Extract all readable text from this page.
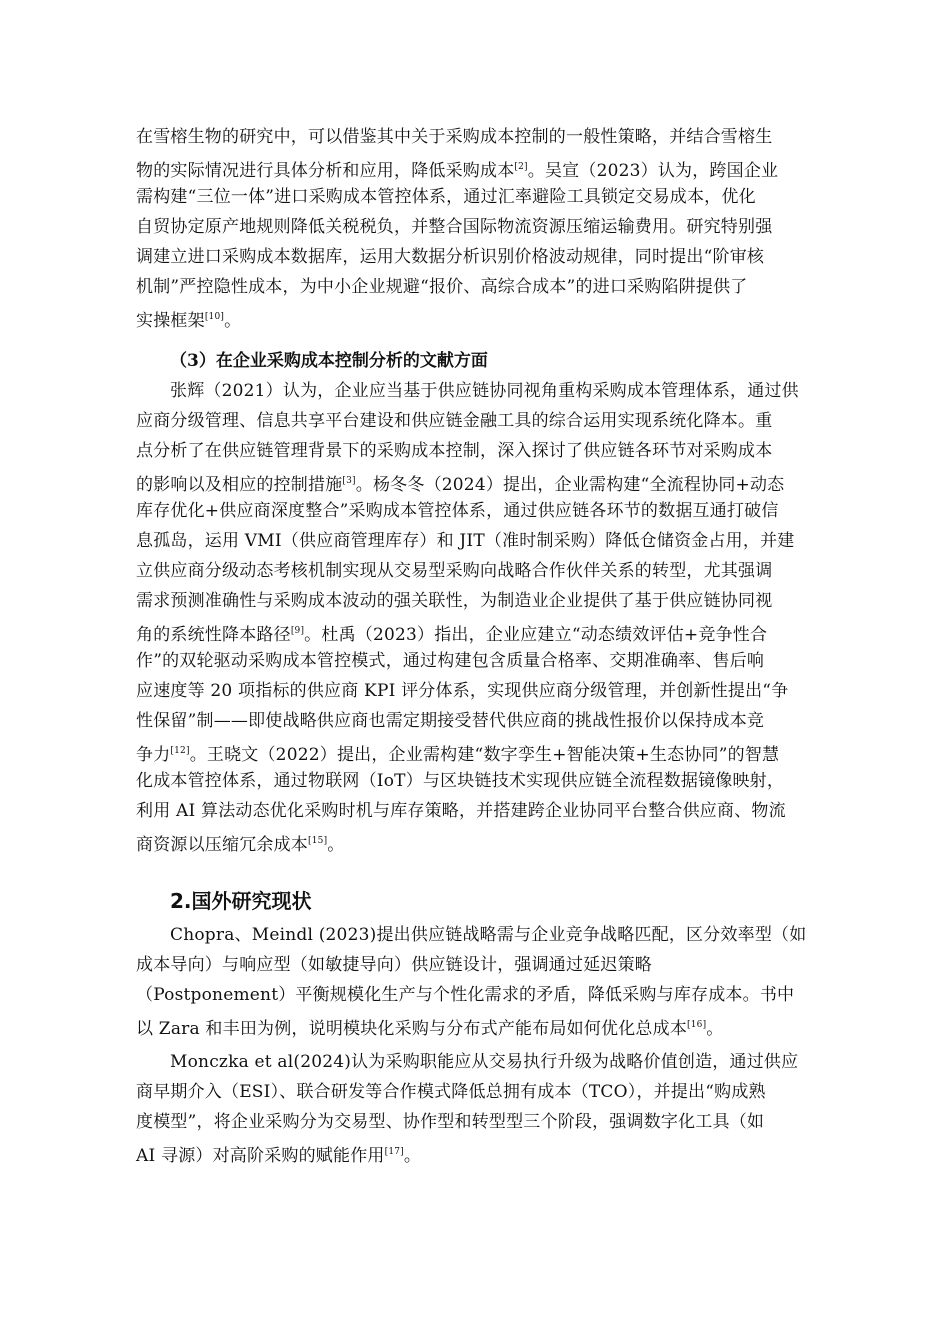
在雪榕生物的研究中，可以借鉴其中关于采购成本控制的一般性策略，并结合雪榕生
物的实际情况进行具体分析和应用，降低采购成本[2]。吴宣（2023）认为，跨国企业
需构建“三位一体”进口采购成本管控体系，通过汇率避险工具锁定交易成本，优化
自贸协定原产地规则降低关税税负，并整合国际物流资源压缩运输费用。研究特别强
调建立进口采购成本数据库，运用大数据分析识别价格波动规律，同时提出“阶审核
机制”严控隐性成本，为中小企业规避“报价、高综合成本”的进口采购陷阱提供了
实操框架[10]。
（3）在企业采购成本控制分析的文献方面
张辉（2021）认为，企业应当基于供应链协同视角重构采购成本管理体系，通过供
应商分级管理、信息共享平台建设和供应链金融工具的综合运用实现系统化降本。重
点分析了在供应链管理背景下的采购成本控制，深入探讨了供应链各环节对采购成本
的影响以及相应的控制措施[3]。杨冬冬（2024）提出，企业需构建“全流程协同+动态
库存优化+供应商深度整合”采购成本管控体系，通过供应链各环节的数据互通打破信
息孤岛，运用 VMI（供应商管理库存）和 JIT（准时制采购）降低仓储资金占用，并建
立供应商分级动态考核机制实现从交易型采购向战略合作伙伴关系的转型，尤其强调
需求预测准确性与采购成本波动的强关联性，为制造业企业提供了基于供应链协同视
角的系统性降本路径[9]。杜禹（2023）指出，企业应建立“动态绩效评估+竞争性合
作”的双轮驱动采购成本管控模式，通过构建包含质量合格率、交期准确率、售后响
应速度等 20 项指标的供应商 KPI 评分体系，实现供应商分级管理，并创新性提出“争
性保留”制——即使战略供应商也需定期接受替代供应商的挑战性报价以保持成本竞
争力[12]。王晓文（2022）提出，企业需构建“数字孪生+智能决策+生态协同”的智慧
化成本管控体系，通过物联网（IoT）与区块链技术实现供应链全流程数据镜像映射，
利用 AI 算法动态优化采购时机与库存策略，并搭建跨企业协同平台整合供应商、物流
商资源以压缩冗余成本[15]。
2.国外研究现状
Chopra、Meindl (2023)提出供应链战略需与企业竞争战略匹配，区分效率型（如
成本导向）与响应型（如敏捷导向）供应链设计，强调通过延迟策略
（Postponement）平衡规模化生产与个性化需求的矛盾，降低采购与库存成本。书中
以 Zara 和丰田为例，说明模块化采购与分布式产能布局如何优化总成本[16]。
Monczka et al(2024)认为采购职能应从交易执行升级为战略价值创造，通过供应
商早期介入（ESI）、联合研发等合作模式降低总拥有成本（TCO），并提出“购成熟
度模型”，将企业采购分为交易型、协作型和转型型三个阶段，强调数字化工具（如
AI 寻源）对高阶采购的赋能作用[17]。
